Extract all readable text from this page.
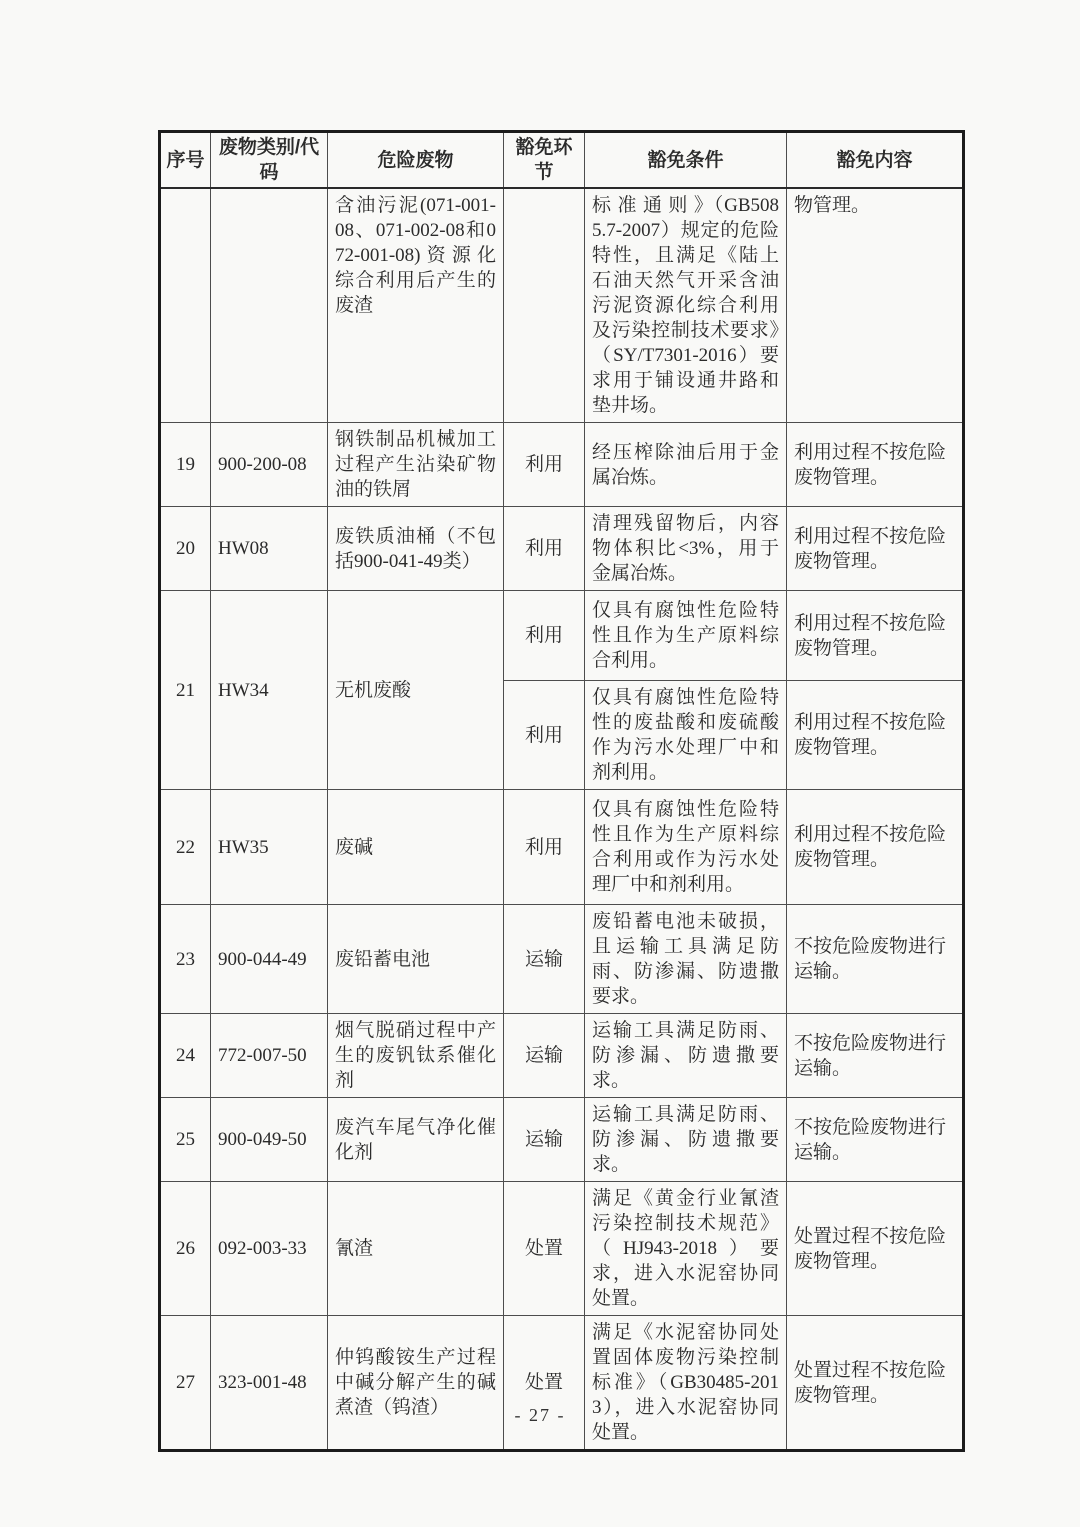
序号	废物类别/代码	危险废物	豁免环节	豁免条件	豁免内容
		含油污泥(071-001-08、071-002-08和072-001-08)资源化综合利用后产生的废渣		标 准 通 则 》（GB5085.7-2007）规定的危险特性，且满足《陆上石油天然气开采含油污泥资源化综合利用及污染控制技术要求》（SY/T7301-2016）要求用于铺设通井路和垫井场。	物管理。
19	900-200-08	钢铁制品机械加工过程产生沾染矿物油的铁屑	利用	经压榨除油后用于金属冶炼。	利用过程不按危险废物管理。
20	HW08	废铁质油桶（不包括900-041-49类）	利用	清理残留物后，内容物体积比<3%，用于金属冶炼。	利用过程不按危险废物管理。
21	HW34	无机废酸	利用	仅具有腐蚀性危险特性且作为生产原料综合利用。	利用过程不按危险废物管理。
			利用	仅具有腐蚀性危险特性的废盐酸和废硫酸作为污水处理厂中和剂利用。	利用过程不按危险废物管理。
22	HW35	废碱	利用	仅具有腐蚀性危险特性且作为生产原料综合利用或作为污水处理厂中和剂利用。	利用过程不按危险废物管理。
23	900-044-49	废铅蓄电池	运输	废铅蓄电池未破损，且运输工具满足防雨、防渗漏、防遗撒要求。	不按危险废物进行运输。
24	772-007-50	烟气脱硝过程中产生的废钒钛系催化剂	运输	运输工具满足防雨、防渗漏、防遗撒要求。	不按危险废物进行运输。
25	900-049-50	废汽车尾气净化催化剂	运输	运输工具满足防雨、防渗漏、防遗撒要求。	不按危险废物进行运输。
26	092-003-33	氰渣	处置	满足《黄金行业氰渣污染控制技术规范》（HJ943-2018）要求，进入水泥窑协同处置。	处置过程不按危险废物管理。
27	323-001-48	仲钨酸铵生产过程中碱分解产生的碱煮渣（钨渣）	处置	满足《水泥窑协同处置固体废物污染控制标准》（GB30485-2013），进入水泥窑协同处置。	处置过程不按危险废物管理。
- 27 -
